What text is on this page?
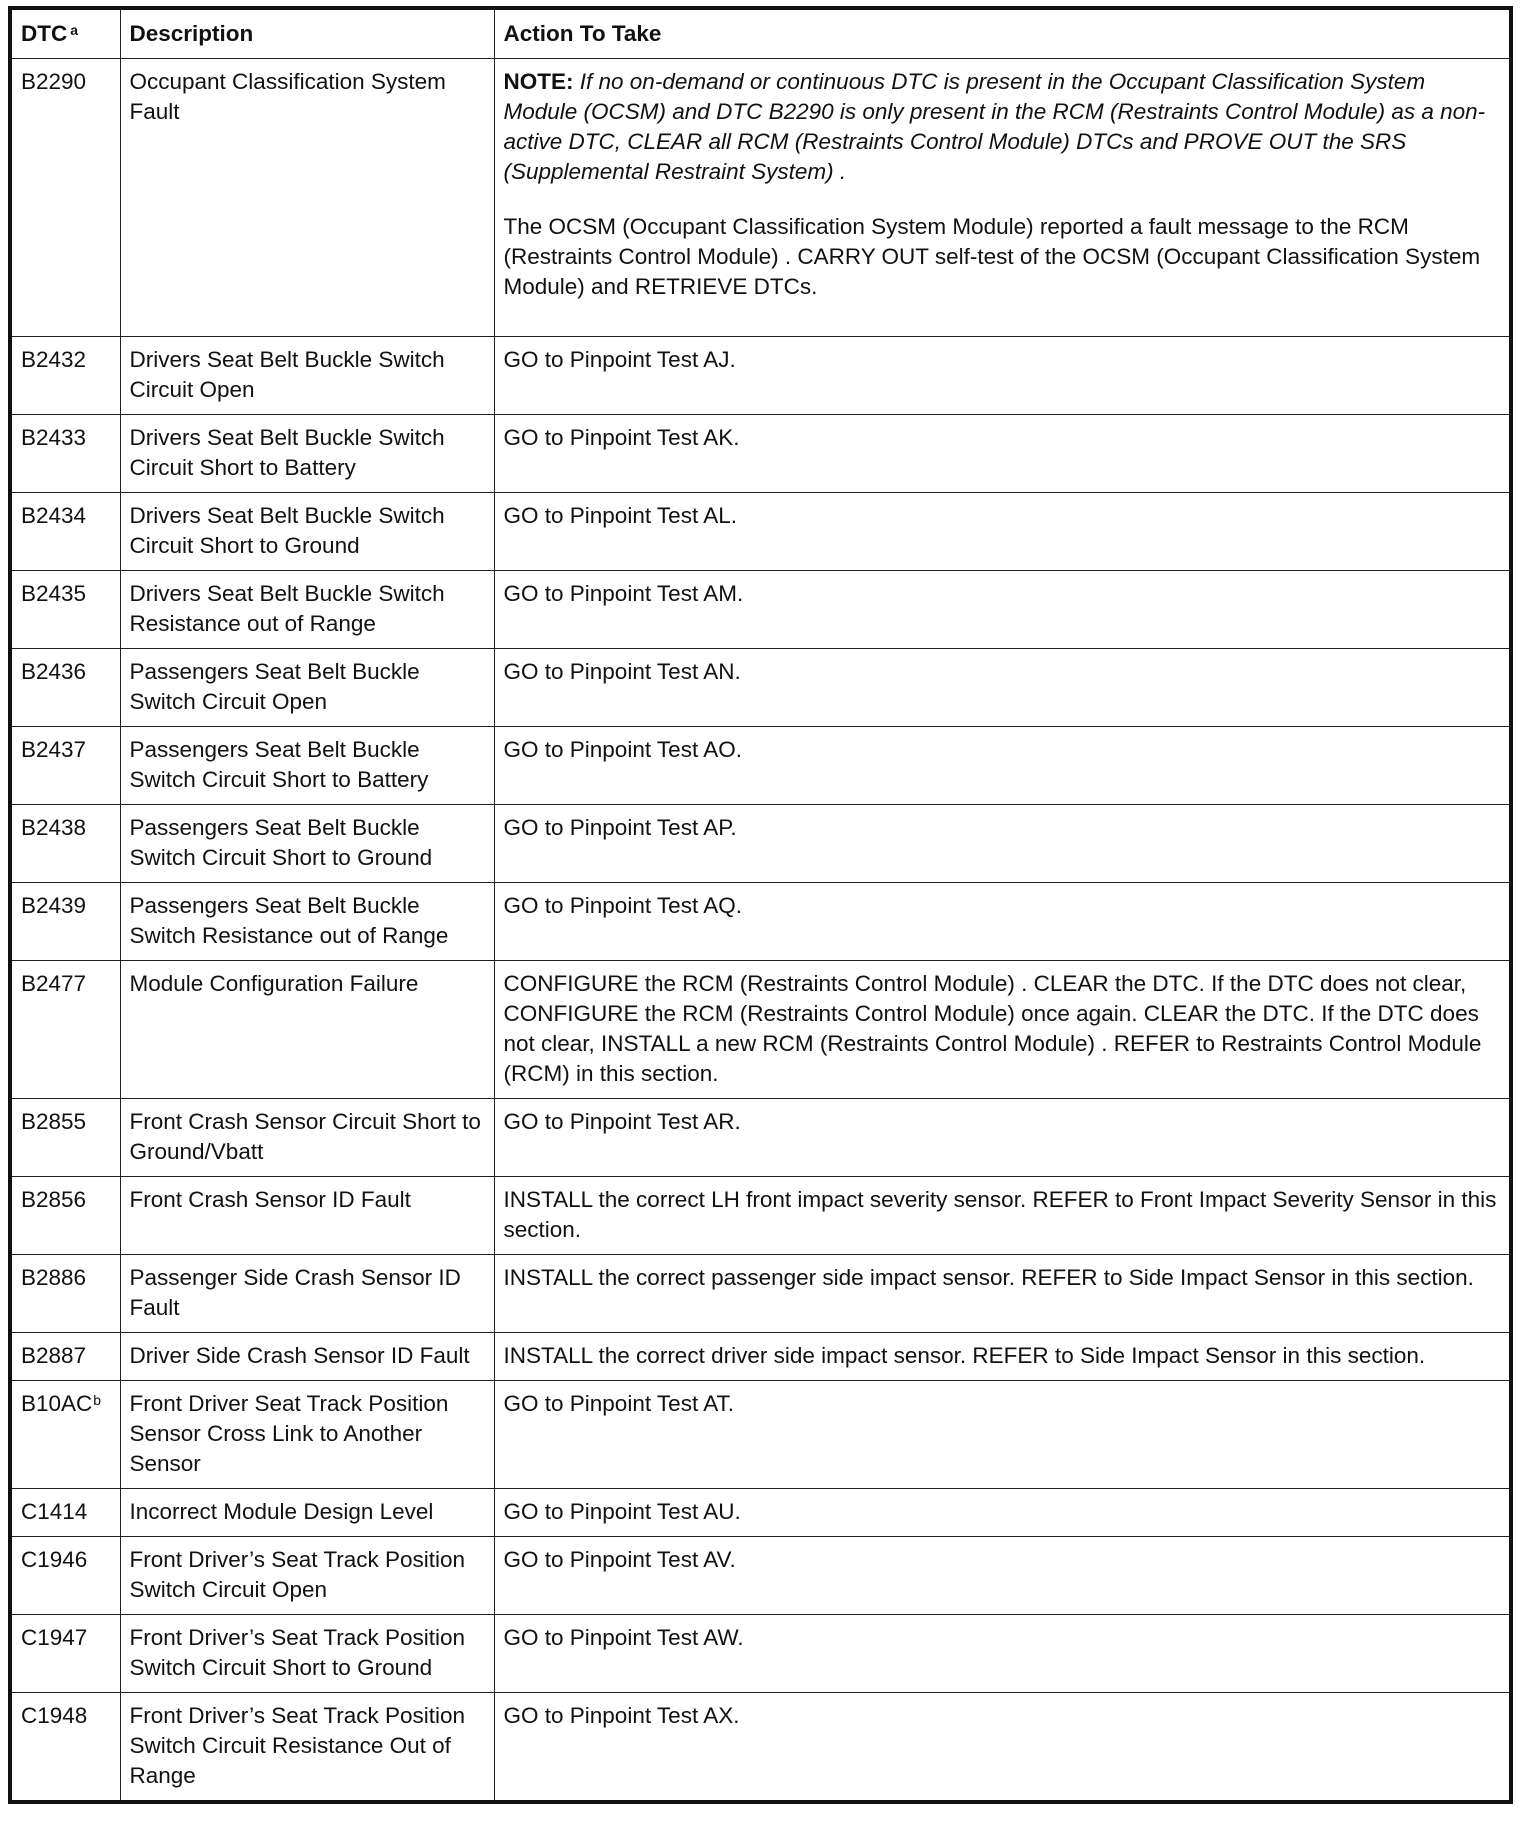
DTC $^a$	Description	Action To Take
B2290	Occupant Classification System Fault	NOTE: If no on-demand or continuous DTC is present in the Occupant Classification System Module (OCSM) and DTC B2290 is only present in the RCM (Restraints Control Module) as a non-active DTC, CLEAR all RCM (Restraints Control Module) DTCs and PROVE OUT the SRS (Supplemental Restraint System) .
The OCSM (Occupant Classification System Module) reported a fault message to the RCM (Restraints Control Module) . CARRY OUT self-test of the OCSM (Occupant Classification System Module) and RETRIEVE DTCs.

B2432	Drivers Seat Belt Buckle Switch Circuit Open	GO to Pinpoint Test AJ.
B2433	Drivers Seat Belt Buckle Switch Circuit Short to Battery	GO to Pinpoint Test AK.
B2434	Drivers Seat Belt Buckle Switch Circuit Short to Ground	GO to Pinpoint Test AL.
B2435	Drivers Seat Belt Buckle Switch Resistance out of Range	GO to Pinpoint Test AM.
B2436	Passengers Seat Belt Buckle Switch Circuit Open	GO to Pinpoint Test AN.
B2437	Passengers Seat Belt Buckle Switch Circuit Short to Battery	GO to Pinpoint Test AO.
B2438	Passengers Seat Belt Buckle Switch Circuit Short to Ground	GO to Pinpoint Test AP.
B2439	Passengers Seat Belt Buckle Switch Resistance out of Range	GO to Pinpoint Test AQ.
B2477	Module Configuration Failure	CONFIGURE the RCM (Restraints Control Module) . CLEAR the DTC. If the DTC does not clear, CONFIGURE the RCM (Restraints Control Module) once again. CLEAR the DTC. If the DTC does not clear, INSTALL a new RCM (Restraints Control Module) . REFER to Restraints Control Module (RCM) in this section.
B2855	Front Crash Sensor Circuit Short to Ground/Vbatt	GO to Pinpoint Test AR.
B2856	Front Crash Sensor ID Fault	INSTALL the correct LH front impact severity sensor. REFER to Front Impact Severity Sensor in this section.
B2886	Passenger Side Crash Sensor ID Fault	INSTALL the correct passenger side impact sensor. REFER to Side Impact Sensor in this section.
B2887	Driver Side Crash Sensor ID Fault	INSTALL the correct driver side impact sensor. REFER to Side Impact Sensor in this section.
$B10AC^b$	Front Driver Seat Track Position Sensor Cross Link to Another Sensor	GO to Pinpoint Test AT.
C1414	Incorrect Module Design Level	GO to Pinpoint Test AU.
C1946	Front Driver’s Seat Track Position Switch Circuit Open	GO to Pinpoint Test AV.
C1947	Front Driver’s Seat Track Position Switch Circuit Short to Ground	GO to Pinpoint Test AW.
C1948	Front Driver’s Seat Track Position Switch Circuit Resistance Out of Range	GO to Pinpoint Test AX.
